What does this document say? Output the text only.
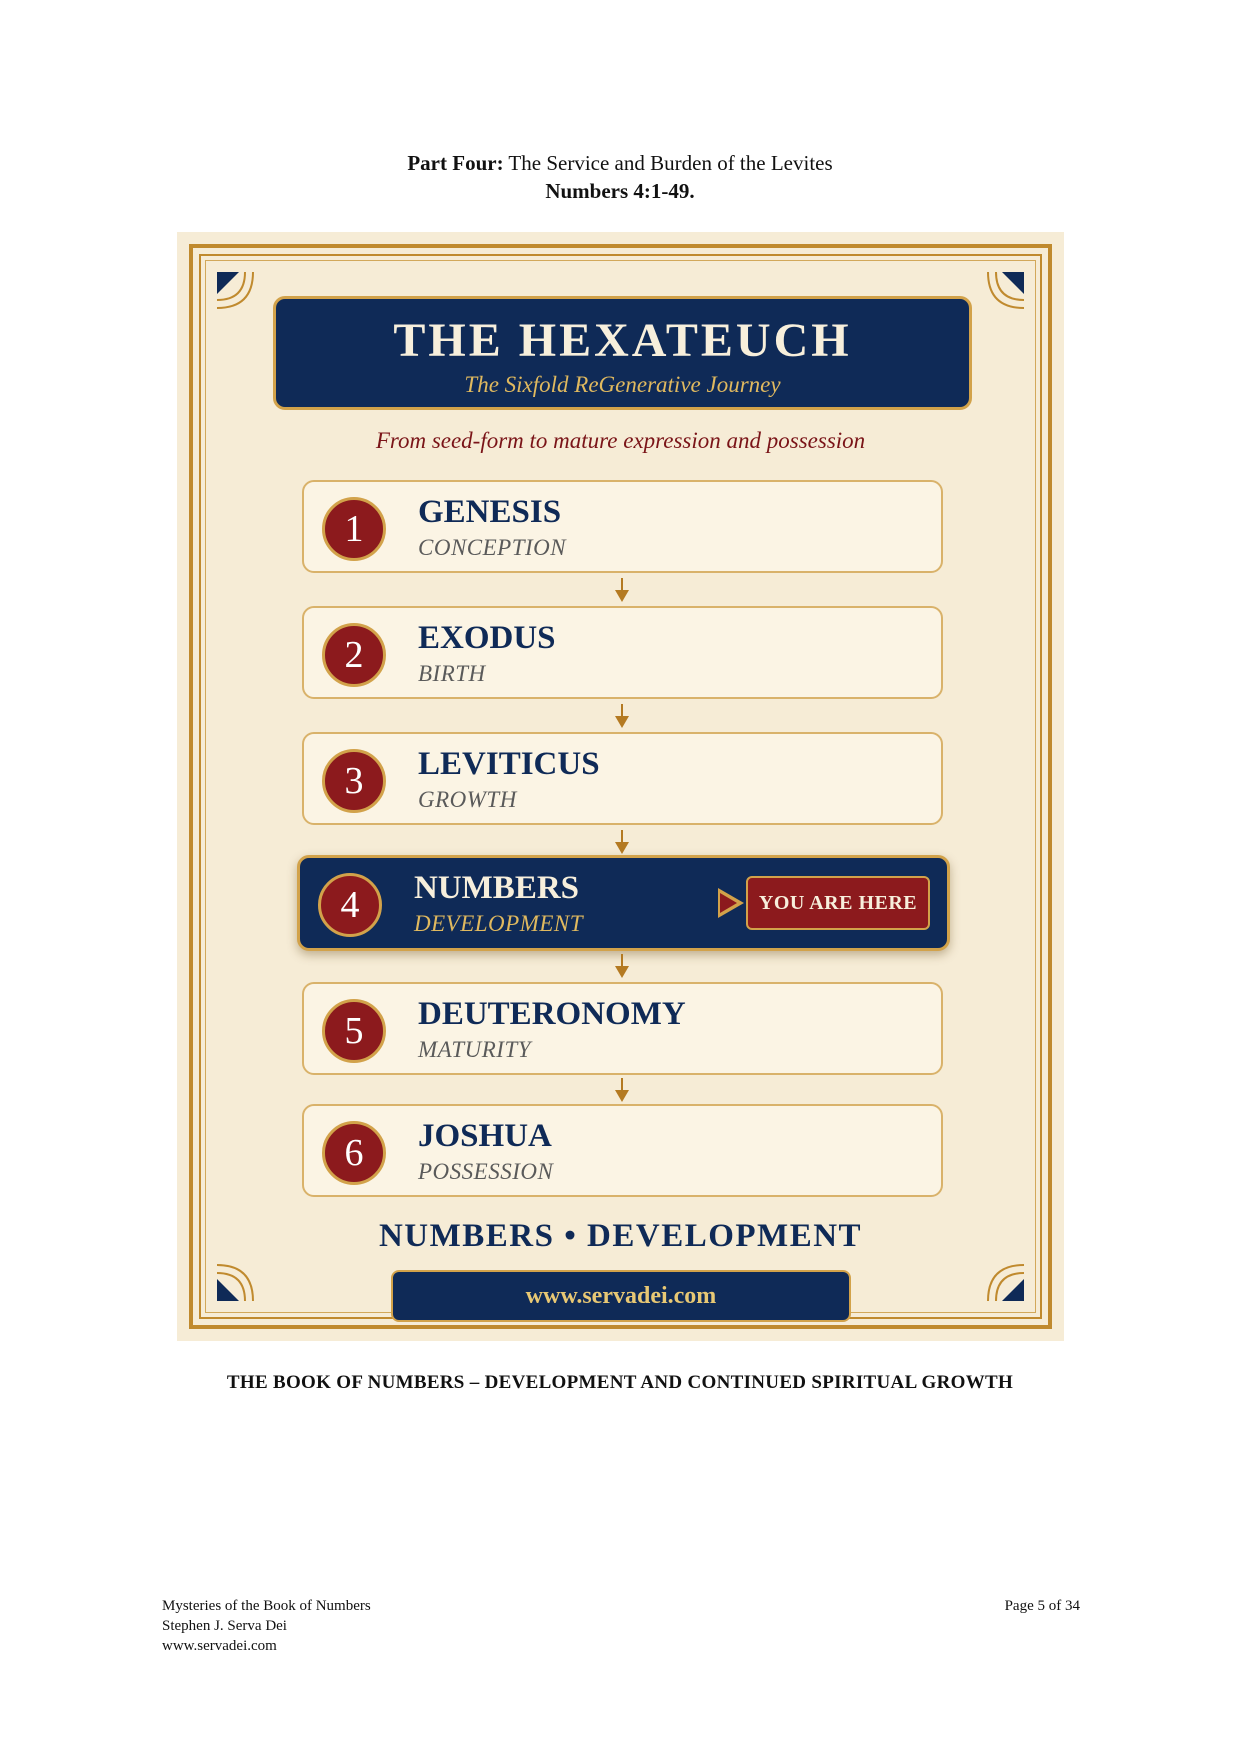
Part Four: The Service and Burden of the Levites
Numbers 4:1-49.
THE HEXATEUCH
The Sixfold ReGenerative Journey
From seed-form to mature expression and possession
1	GENESIS
CONCEPTION
2	EXODUS
BIRTH
3	LEVITICUS
GROWTH
4	NUMBERS
DEVELOPMENT
YOU ARE HERE
5	DEUTERONOMY
MATURITY
6	JOSHUA
POSSESSION
NUMBERS • DEVELOPMENT
www.servadei.com
THE BOOK OF NUMBERS – DEVELOPMENT AND CONTINUED SPIRITUAL GROWTH
Mysteries of the Book of Numbers
Stephen J. Serva Dei
www.servadei.com
Page 5 of 34
